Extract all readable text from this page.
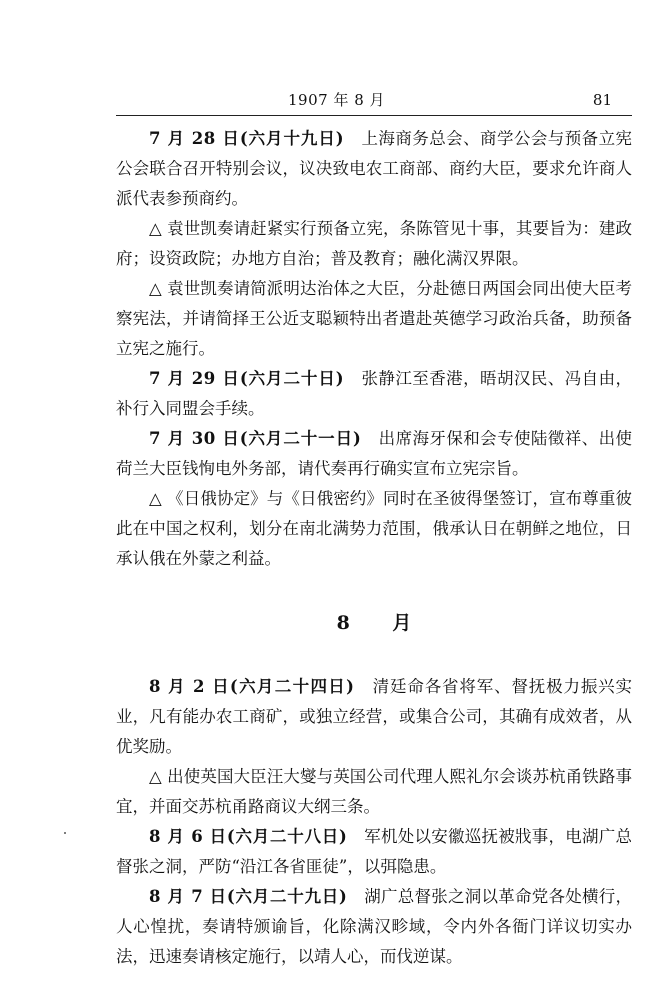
1907 年 8 月	81

7 月 28 日(六月十九日)　 上海商务总会、商学公会与预备立宪公会联合召开特别会议，议决致电农工商部、商约大臣，要求允许商人派代表参预商约。

△ 袁世凯奏请赶紧实行预备立宪，条陈管见十事，其要旨为：建政府；设资政院；办地方自治；普及教育；融化满汉界限。

△ 袁世凯奏请简派明达治体之大臣，分赴德日两国会同出使大臣考察宪法，并请简择王公近支聪颖特出者遣赴英德学习政治兵备，助预备立宪之施行。

7 月 29 日(六月二十日)　 张静江至香港，晤胡汉民、冯自由，补行入同盟会手续。

7 月 30 日(六月二十一日)　 出席海牙保和会专使陆徵祥、出使荷兰大臣钱恂电外务部，请代奏再行确实宣布立宪宗旨。

△ 《日俄协定》与《日俄密约》同时在圣彼得堡签订，宣布尊重彼此在中国之权利，划分在南北满势力范围，俄承认日在朝鲜之地位，日承认俄在外蒙之利益。

8 月

8 月 2 日(六月二十四日)　 清廷命各省将军、督抚极力振兴实业，凡有能办农工商矿，或独立经营，或集合公司，其确有成效者，从优奖励。

△ 出使英国大臣汪大燮与英国公司代理人熙礼尔会谈苏杭甬铁路事宜，并面交苏杭甬路商议大纲三条。

8 月 6 日(六月二十八日)　 军机处以安徽巡抚被戕事，电湖广总督张之洞，严防“沿江各省匪徒”，以弭隐患。

8 月 7 日(六月二十九日)　 湖广总督张之洞以革命党各处横行，人心惶扰，奏请特颁谕旨，化除满汉畛域，令内外各衙门详议切实办法，迅速奏请核定施行，以靖人心，而伐逆谋。
